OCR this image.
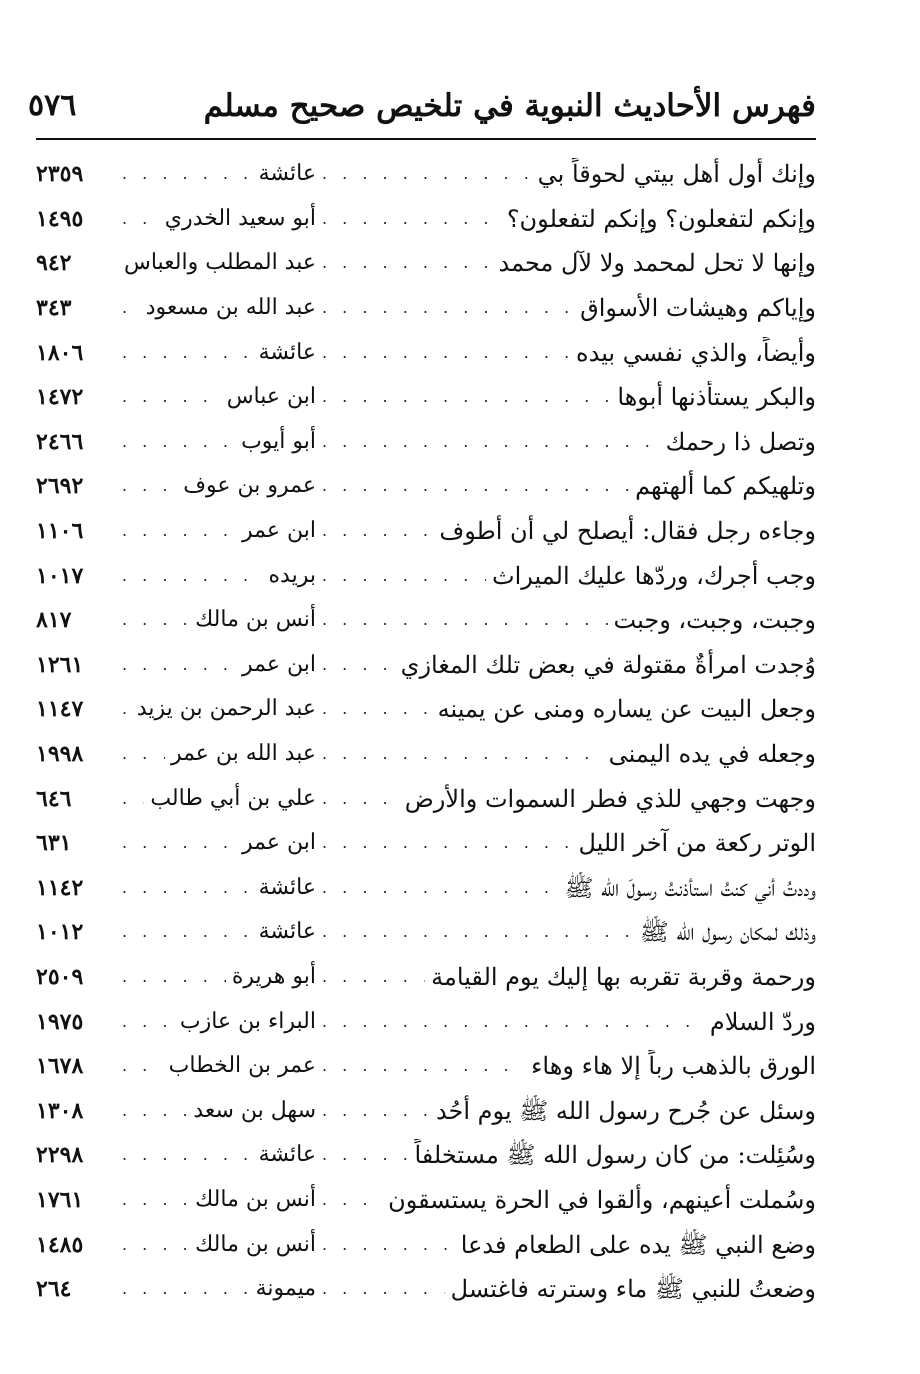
فهرس الأحاديث النبوية في تلخيص صحيح مسلم
٥٧٦
وإنك أول أهل بيتي لحوقاً بي
. . .
عائشة
. . .
٢٣٥٩
وإنكم لتفعلون؟ وإنكم لتفعلون؟
. . .
أبو سعيد الخدري
. . .
١٤٩٥
وإنها لا تحل لمحمد ولا لآل محمد
. . .
عبد المطلب والعباس
٩٤٢
وإياكم وهيشات الأسواق
. . .
عبد الله بن مسعود
. . .
٣٤٣
وأيضاً، والذي نفسي بيده
. . .
عائشة
. . .
١٨٠٦
والبكر يستأذنها أبوها
. . .
ابن عباس
. . .
١٤٧٢
وتصل ذا رحمك
. . .
أبو أيوب
. . .
٢٤٦٦
وتلهيكم كما ألهتهم
. . .
عمرو بن عوف
. . .
٢٦٩٢
وجاءه رجل فقال: أيصلح لي أن أطوف
. . .
ابن عمر
. . .
١١٠٦
وجب أجرك، وردّها عليك الميراث
. . .
بريده
. . .
١٠١٧
وجبت، وجبت، وجبت
. . .
أنس بن مالك
. . .
٨١٧
وُجدت امرأةٌ مقتولة في بعض تلك المغازي
. . .
ابن عمر
. . .
١٢٦١
وجعل البيت عن يساره ومنى عن يمينه
. . .
عبد الرحمن بن يزيد
. . .
١١٤٧
وجعله في يده اليمنى
. . .
عبد الله بن عمر
. . .
١٩٩٨
وجهت وجهي للذي فطر السموات والأرض
. . .
علي بن أبي طالب
. . .
٦٤٦
الوتر ركعة من آخر الليل
. . .
ابن عمر
. . .
٦٣١
وددتُ أني كنتُ استأذنتُ رسولَ الله ﷺ
. . .
عائشة
. . .
١١٤٢
وذلك لمكان رسول الله ﷺ
. . .
عائشة
. . .
١٠١٢
ورحمة وقربة تقربه بها إليك يوم القيامة
. . .
أبو هريرة
. . .
٢٥٠٩
وردّ السلام
. . .
البراء بن عازب
. . .
١٩٧٥
الورق بالذهب رباً إلا هاء وهاء
. . .
عمر بن الخطاب
. . .
١٦٧٨
وسئل عن جُرح رسول الله ﷺ يوم أُحُد
. . .
سهل بن سعد
. . .
١٣٠٨
وسُئِلت: من كان رسول الله ﷺ مستخلفاً
. . .
عائشة
. . .
٢٢٩٨
وسُملت أعينهم، وأُلقوا في الحرة يستسقون
. . .
أنس بن مالك
. . .
١٧٦١
وضع النبي ﷺ يده على الطعام فدعا
. . .
أنس بن مالك
. . .
١٤٨٥
وضعتُ للنبي ﷺ ماء وسترته فاغتسل
. . .
ميمونة
. . .
٢٦٤
